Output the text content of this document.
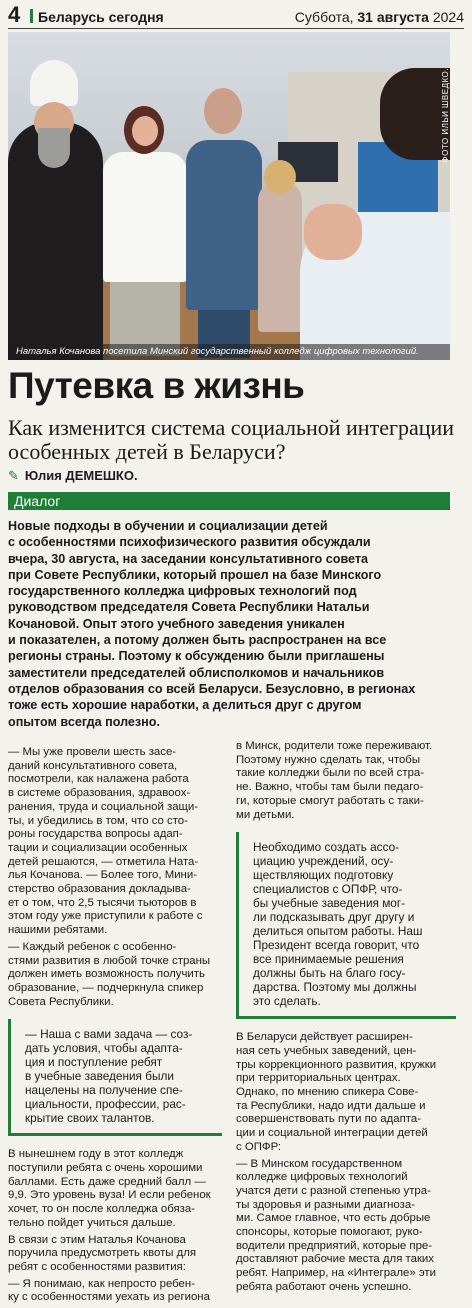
4 Беларусь сегодня	Суббота, 31 августа 2024
ФОТО ИЛЬИ ШВЕДКО.
Наталья Кочанова посетила Минский государственный колледж цифровых технологий.
Путевка в жизнь
Как изменится система социальной интеграции особенных детей в Беларуси?
✎ Юлия ДЕМЕШКО.
Диалог
Новые подходы в обучении и социализации детей
с особенностями психофизического развития обсуждали
вчера, 30 августа, на заседании консультативного совета
при Совете Республики, который прошел на базе Минского
государственного колледжа цифровых технологий под
руководством председателя Совета Республики Натальи
Кочановой. Опыт этого учебного заведения уникален
и показателен, а потому должен быть распространен на все
регионы страны. Поэтому к обсуждению были приглашены
заместители председателей облисполкомов и начальников
отделов образования со всей Беларуси. Безусловно, в регионах
тоже есть хорошие наработки, а делиться друг с другом
опытом всегда полезно.

— Мы уже провели шесть засе-
даний консультативного совета,
посмотрели, как налажена работа
в системе образования, здравоох-
ранения, труда и социальной защи-
ты, и убедились в том, что со сто-
роны государства вопросы адап-
тации и социализации особенных
детей решаются, — отметила Ната-
лья Кочанова. — Более того, Мини-
стерство образования докладыва-
ет о том, что 2,5 тысячи тьюторов в
этом году уже приступили к работе с
нашими ребятами.

— Каждый ребенок с особенно-
стями развития в любой точке страны
должен иметь возможность получить
образование, — подчеркнула спикер
Совета Республики.

— Наша с вами задача — соз-
дать условия, чтобы адапта-
ция и поступление ребят
в учебные заведения были
нацелены на получение спе-
циальности, профессии, рас-
крытие своих талантов.

В нынешнем году в этот колледж
поступили ребята с очень хорошими
баллами. Есть даже средний балл —
9,9. Это уровень вуза! И если ребенок
хочет, то он после колледжа обяза-
тельно пойдет учиться дальше.

В связи с этим Наталья Кочанова
поручила предусмотреть квоты для
ребят с особенностями развития:

— Я понимаю, как непросто ребен-
ку с особенностями уехать из региона

в Минск, родители тоже переживают.
Поэтому нужно сделать так, чтобы
такие колледжи были по всей стра-
не. Важно, чтобы там были педаго-
ги, которые смогут работать с таки-
ми детьми.

Необходимо создать ассо-
циацию учреждений, осу-
ществляющих подготовку
специалистов с ОПФР, что-
бы учебные заведения мог-
ли подсказывать друг другу и
делиться опытом работы. Наш
Президент всегда говорит, что
все принимаемые решения
должны быть на благо госу-
дарства. Поэтому мы должны
это сделать.

В Беларуси действует расширен-
ная сеть учебных заведений, цен-
тры коррекционного развития, кружки
при территориальных центрах.
Однако, по мнению спикера Сове-
та Республики, надо идти дальше и
совершенствовать пути по адапта-
ции и социальной интеграции детей
с ОПФР:

— В Минском государственном
колледже цифровых технологий
учатся дети с разной степенью утра-
ты здоровья и разными диагноза-
ми. Самое главное, что есть добрые
спонсоры, которые помогают, руко-
водители предприятий, которые пре-
доставляют рабочие места для таких
ребят. Например, на «Интеграле» эти
ребята работают очень успешно.
